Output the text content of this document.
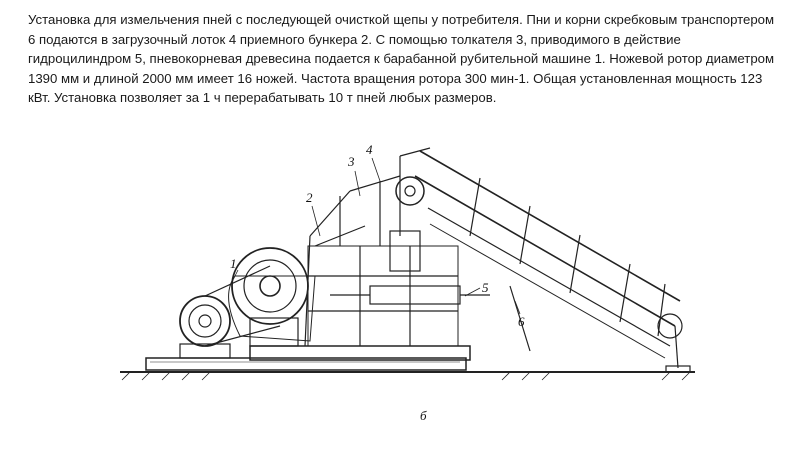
Установка для измельчения пней с последующей очисткой щепы у потребителя. Пни и корни скребковым транспортером 6 подаются в загрузочный лоток 4 приемного бункера 2. С помощью толкателя 3, приводимого в действие гидроцилиндром 5, пневокорневая древесина подается к барабанной рубительной машине 1. Ножевой ротор диаметром 1390 мм и длиной 2000 мм имеет 16 ножей. Частота вращения ротора 300 мин-1. Общая установленная мощность 123 кВт. Установка позволяет за 1 ч перерабатывать 10 т пней любых размеров.
1
2
3
4
5
6
б
